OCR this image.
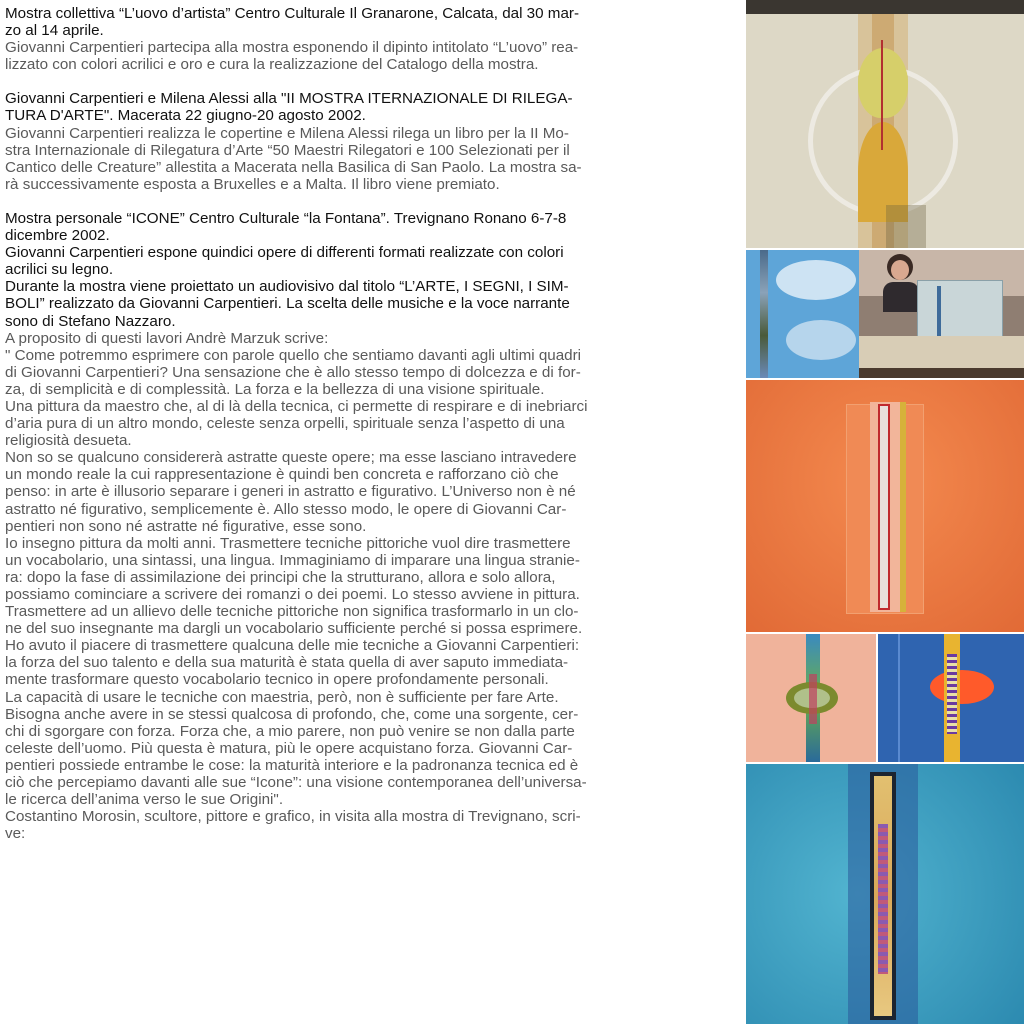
Mostra collettiva “L’uovo d’artista” Centro Culturale Il Granarone, Calcata, dal 30 mar-
zo al 14 aprile.
Giovanni Carpentieri partecipa alla mostra esponendo il dipinto intitolato “L’uovo” rea-
lizzato con colori acrilici e oro e cura la realizzazione del Catalogo della mostra.
Giovanni Carpentieri e Milena Alessi alla "II MOSTRA ITERNAZIONALE DI RILEGA-
TURA D'ARTE". Macerata 22 giugno-20 agosto 2002.
Giovanni Carpentieri realizza le copertine e Milena Alessi rilega un libro per la II Mo-
stra Internazionale di Rilegatura d’Arte “50 Maestri Rilegatori e 100 Selezionati per il
Cantico delle Creature” allestita a Macerata nella Basilica di San Paolo. La mostra sa-
rà successivamente esposta a Bruxelles e a Malta. Il libro viene premiato.
Mostra personale “ICONE” Centro Culturale “la Fontana”. Trevignano Ronano 6-7-8
dicembre 2002.
Giovanni Carpentieri espone quindici opere di differenti formati realizzate con colori
acrilici su legno.
Durante la mostra viene proiettato un audiovisivo dal titolo “L’ARTE, I SEGNI, I SIM-
BOLI” realizzato da Giovanni Carpentieri. La scelta delle musiche e la voce narrante
sono di Stefano Nazzaro.
A proposito di questi lavori Andrè Marzuk scrive:
" Come potremmo esprimere con parole quello che sentiamo davanti agli ultimi quadri
di Giovanni Carpentieri? Una sensazione che è allo stesso tempo di dolcezza e di for-
za, di semplicità e di complessità. La forza e la bellezza di una visione spirituale.
Una pittura da maestro che, al di là della tecnica, ci permette di respirare e di inebriarci
d’aria pura di un altro mondo, celeste senza orpelli, spirituale senza l’aspetto di una
religiosità desueta.
Non so se qualcuno considererà astratte queste opere; ma esse lasciano intravedere
un mondo reale la cui rappresentazione è quindi ben concreta e rafforzano ciò che
penso: in arte è illusorio separare i generi in astratto e figurativo. L’Universo non è né
astratto né figurativo, semplicemente è. Allo stesso modo, le opere di Giovanni Car-
pentieri non sono né astratte né figurative, esse sono.
Io insegno pittura da molti anni. Trasmettere tecniche pittoriche vuol dire trasmettere
un vocabolario, una sintassi, una lingua. Immaginiamo di imparare una lingua stranie-
ra: dopo la fase di assimilazione dei principi che la strutturano, allora e solo allora,
possiamo cominciare a scrivere dei romanzi o dei poemi. Lo stesso avviene in pittura.
Trasmettere ad un allievo delle tecniche pittoriche non significa trasformarlo in un clo-
ne del suo insegnante ma dargli un vocabolario sufficiente perché si possa esprimere.
Ho avuto il piacere di trasmettere qualcuna delle mie tecniche a Giovanni Carpentieri:
la forza del suo talento e della sua maturità è stata quella di aver saputo immediata-
mente trasformare questo vocabolario tecnico in opere profondamente personali.
La capacità di usare le tecniche con maestria, però, non è sufficiente per fare Arte.
Bisogna anche avere in se stessi qualcosa di profondo, che, come una sorgente, cer-
chi di sgorgare con forza. Forza che, a mio parere, non può venire se non dalla parte
celeste dell’uomo. Più questa è matura, più le opere acquistano forza. Giovanni Car-
pentieri possiede entrambe le cose: la maturità interiore e la padronanza tecnica ed è
ciò che percepiamo davanti alle sue “Icone”: una visione contemporanea dell’universa-
le ricerca dell’anima verso le sue Origini".
Costantino Morosin, scultore, pittore e grafico, in visita alla mostra di Trevignano, scri-
ve:
